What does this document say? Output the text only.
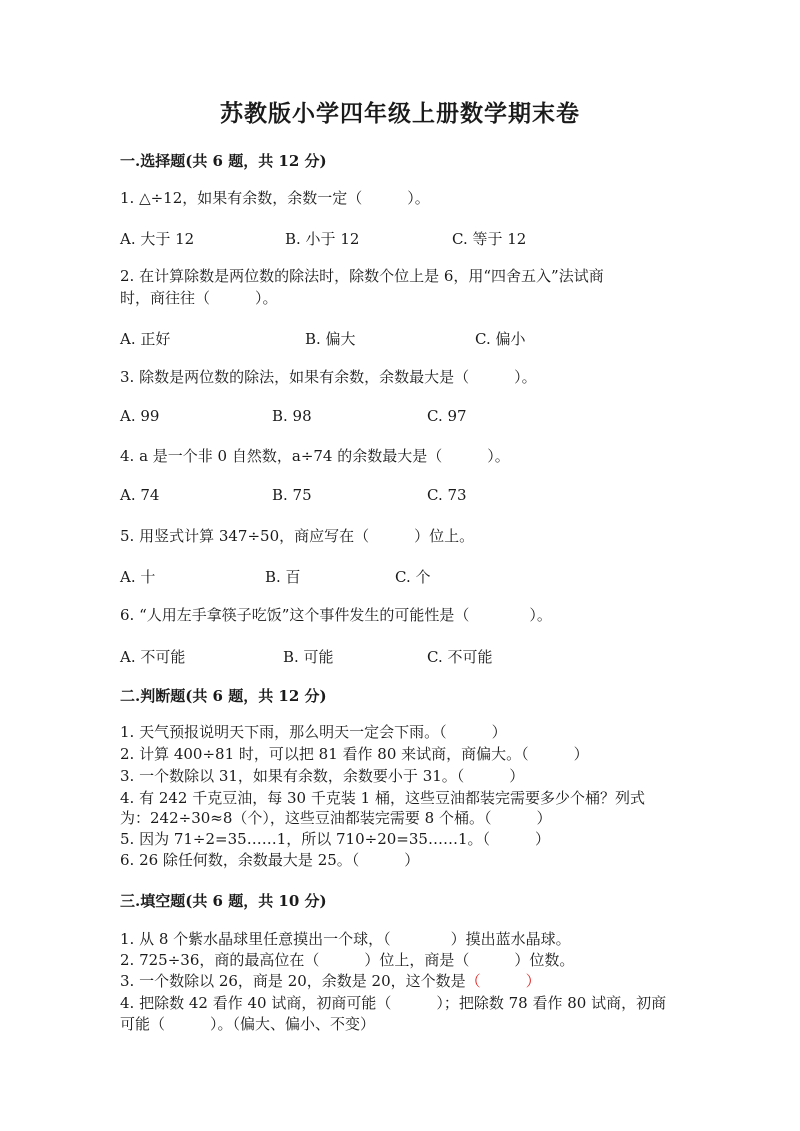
苏教版小学四年级上册数学期末卷
一.选择题(共 6 题，共 12 分)
1. △÷12，如果有余数，余数一定（　　　）。
A. 大于 12	B. 小于 12	C. 等于 12
2. 在计算除数是两位数的除法时，除数个位上是 6，用“四舍五入”法试商
时，商往往（　　　）。
A. 正好	B. 偏大	C. 偏小
3. 除数是两位数的除法，如果有余数，余数最大是（　　　）。
A. 99	B. 98	C. 97
4. a 是一个非 0 自然数，a÷74 的余数最大是（　　　）。
A. 74	B. 75	C. 73
5. 用竖式计算 347÷50，商应写在（　　　）位上。
A. 十	B. 百	C. 个
6. “人用左手拿筷子吃饭”这个事件发生的可能性是（　　　　）。
A. 不可能	B. 可能	C. 不可能
二.判断题(共 6 题，共 12 分)
1. 天气预报说明天下雨，那么明天一定会下雨。（　　　）
2. 计算 400÷81 时，可以把 81 看作 80 来试商，商偏大。（　　　）
3. 一个数除以 31，如果有余数，余数要小于 31。（　　　）
4. 有 242 千克豆油，每 30 千克装 1 桶，这些豆油都装完需要多少个桶？列式
为：242÷30≈8（个），这些豆油都装完需要 8 个桶。（　　　）
5. 因为 71÷2=35……1，所以 710÷20=35……1。（　　　）
6. 26 除任何数，余数最大是 25。（　　　）
三.填空题(共 6 题，共 10 分)
1. 从 8 个紫水晶球里任意摸出一个球，（　　　　）摸出蓝水晶球。
2. 725÷36，商的最高位在（　　　）位上，商是（　　　）位数。
3. 一个数除以 26，商是 20，余数是 20，这个数是（　　　）
4. 把除数 42 看作 40 试商，初商可能（　　　）；把除数 78 看作 80 试商，初商
可能（　　　）。（偏大、偏小、不变）
